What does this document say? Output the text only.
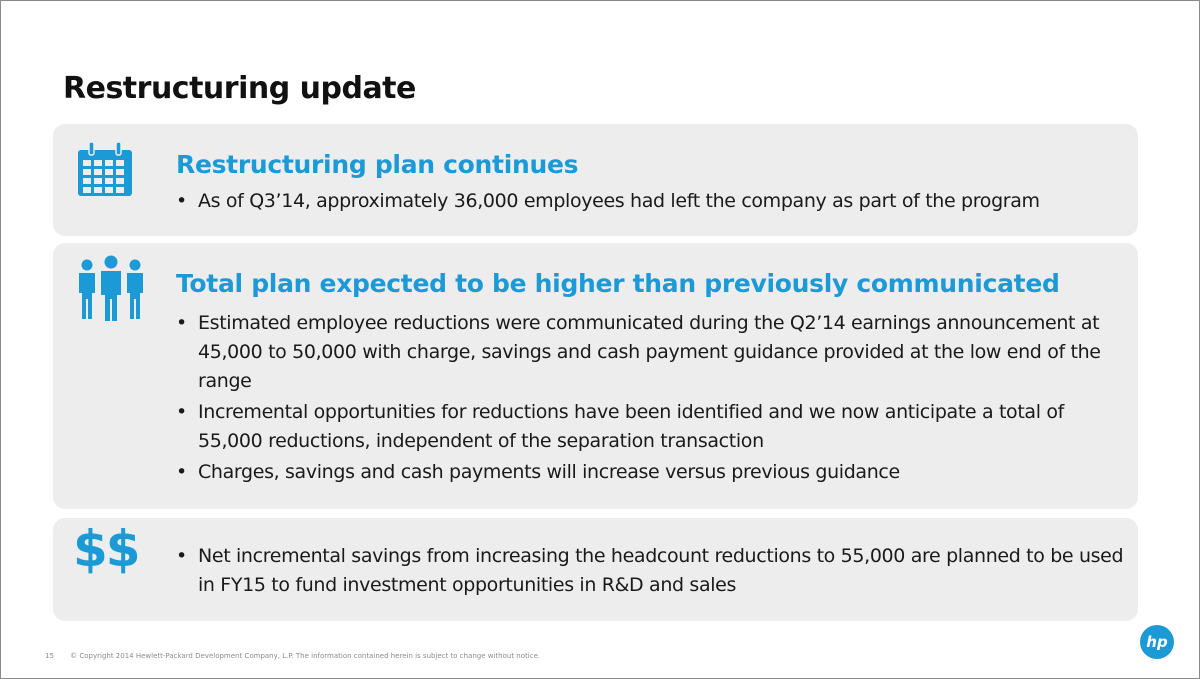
Restructuring update
Restructuring plan continues
• As of Q3’14, approximately 36,000 employees had left the company as part of the program
Total plan expected to be higher than previously communicated
• Estimated employee reductions were communicated during the Q2’14 earnings announcement at 45,000 to 50,000 with charge, savings and cash payment guidance provided at the low end of the range
• Incremental opportunities for reductions have been identified and we now anticipate a total of 55,000 reductions, independent of the separation transaction
• Charges, savings and cash payments will increase versus previous guidance
$$ • Net incremental savings from increasing the headcount reductions to 55,000 are planned to be used in FY15 to fund investment opportunities in R&D and sales
15 © Copyright 2014 Hewlett-Packard Development Company, L.P. The information contained herein is subject to change without notice.
hp
